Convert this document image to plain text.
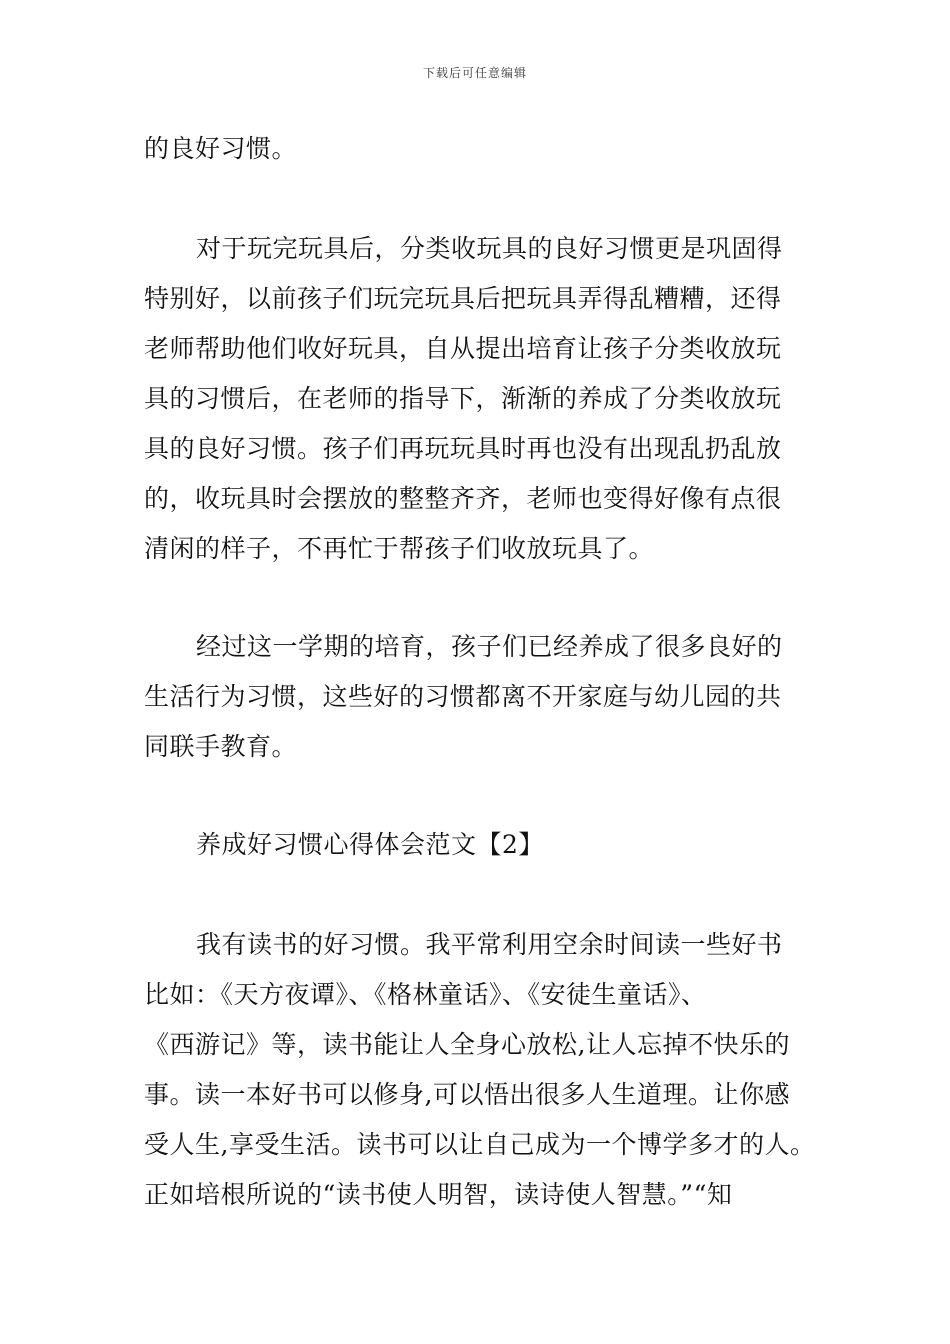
下载后可任意编辑
的良好习惯。
对于玩完玩具后，分类收玩具的良好习惯更是巩固得
特别好，以前孩子们玩完玩具后把玩具弄得乱糟糟，还得
老师帮助他们收好玩具，自从提出培育让孩子分类收放玩
具的习惯后，在老师的指导下，渐渐的养成了分类收放玩
具的良好习惯。孩子们再玩玩具时再也没有出现乱扔乱放
的，收玩具时会摆放的整整齐齐，老师也变得好像有点很
清闲的样子，不再忙于帮孩子们收放玩具了。
经过这一学期的培育，孩子们已经养成了很多良好的
生活行为习惯，这些好的习惯都离不开家庭与幼儿园的共
同联手教育。
养成好习惯心得体会范文【2】
我有读书的好习惯。我平常利用空余时间读一些好书
比如：《天方夜谭》、《格林童话》、《安徒生童话》、
《西游记》等，读书能让人全身心放松,让人忘掉不快乐的
事。读一本好书可以修身,可以悟出很多人生道理。让你感
受人生,享受生活。读书可以让自己成为一个博学多才的人。
正如培根所说的“读书使人明智，读诗使人智慧。”“知
